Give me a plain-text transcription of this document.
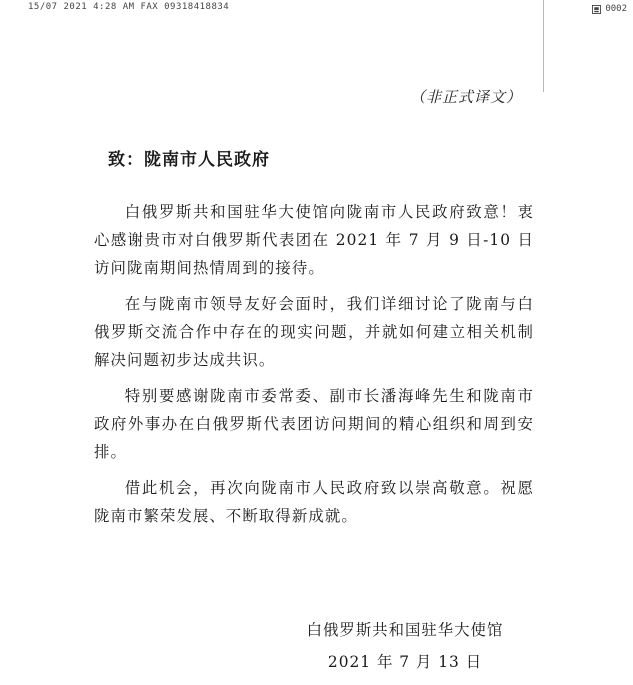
15/07 2021 4:28 AM FAX 09318418834	0002
（非正式译文）
致：陇南市人民政府

白俄罗斯共和国驻华大使馆向陇南市人民政府致意！衷心感谢贵市对白俄罗斯代表团在 2021 年 7 月 9 日-10 日访问陇南期间热情周到的接待。

在与陇南市领导友好会面时，我们详细讨论了陇南与白俄罗斯交流合作中存在的现实问题，并就如何建立相关机制解决问题初步达成共识。

特别要感谢陇南市委常委、副市长潘海峰先生和陇南市政府外事办在白俄罗斯代表团访问期间的精心组织和周到安排。

借此机会，再次向陇南市人民政府致以崇高敬意。祝愿陇南市繁荣发展、不断取得新成就。

白俄罗斯共和国驻华大使馆
2021 年 7 月 13 日
